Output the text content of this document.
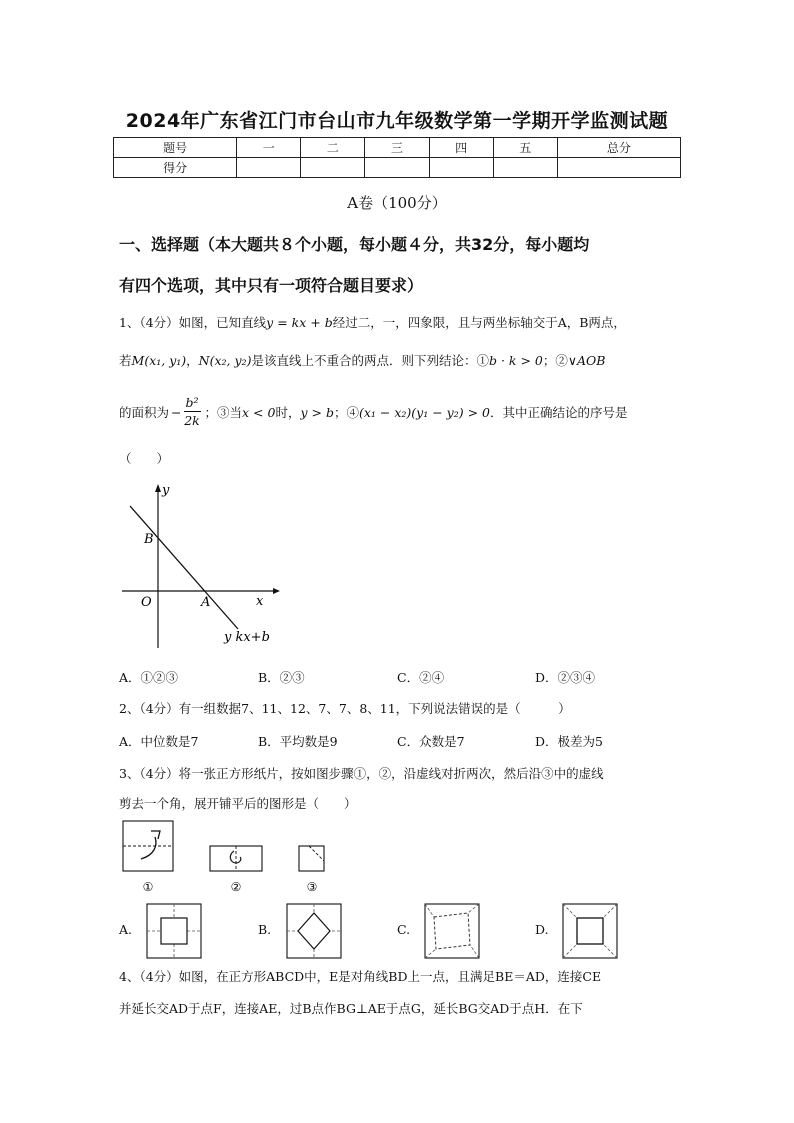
2024年广东省江门市台山市九年级数学第一学期开学监测试题
题号	一	二	三	四	五	总分
得分						
A卷（100分）
一、选择题（本大题共８个小题，每小题４分，共32分，每小题均
有四个选项，其中只有一项符合题目要求）
1、（4分）如图，已知直线y = kx + b经过二，一，四象限，且与两坐标轴交于A，B两点，
若M(x₁, y₁)，N(x₂, y₂)是该直线上不重合的两点．则下列结论：①b · k > 0；②∨AOB
的面积为 − $\frac{\text{b²}}{2k}$ ；③当 x < 0 时， y > b ；④ (x₁ − x₂)(y₁ − y₂) > 0 ．其中正确结论的序号是
（　　）
y
B
O	A	x
y kx+b
A．①②③	B．②③	C．②④	D．②③④
2、（4分）有一组数据7、11、12、7、7、8、11，下列说法错误的是（　　　）
A．中位数是7	B．平均数是9	C．众数是7	D．极差为5
3、（4分）将一张正方形纸片，按如图步骤①，②，沿虚线对折两次，然后沿③中的虚线
剪去一个角，展开铺平后的图形是（　　）
①	②	③
A.	B.	C.	D.
4、（4分）如图，在正方形ABCD中，E是对角线BD上一点，且满足BE＝AD，连接CE
并延长交AD于点F，连接AE，过B点作BG⊥AE于点G，延长BG交AD于点H．在下
